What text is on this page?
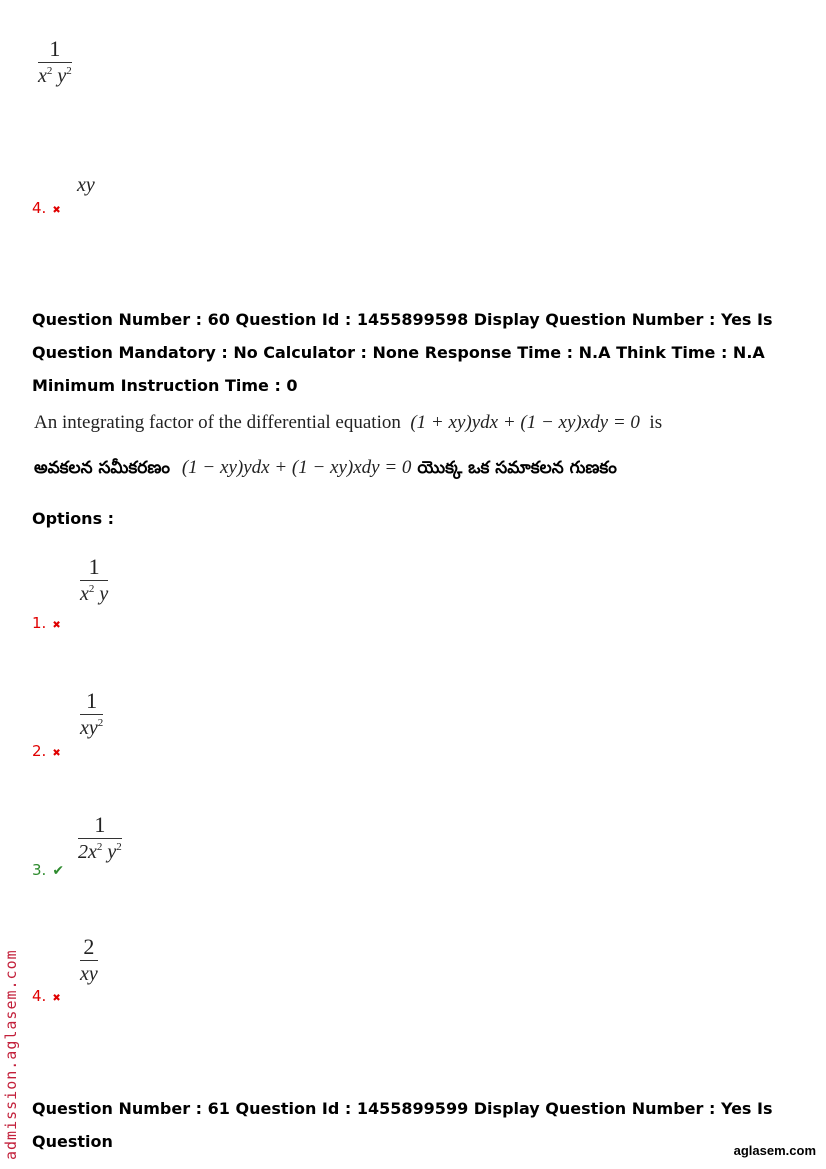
$\frac{1}{x^2 y^2}$
4. ✖
xy
Question Number : 60 Question Id : 1455899598 Display Question Number : Yes Is Question Mandatory : No Calculator : None Response Time : N.A Think Time : N.A Minimum Instruction Time : 0
An integrating factor of the differential equation (1 + xy)ydx + (1 − xy)xdy = 0 is
అవకలన సమీకరణం (1 − xy)ydx + (1 − xy)xdy = 0 యొక్క ఒక సమాకలన గుణకం
Options :
$\frac{1}{x^2 y}$
1. ✖
$\frac{1}{xy^2}$
2. ✖
$\frac{1}{2x^2 y^2}$
3. ✔
$\frac{2}{xy}$
4. ✖
Question Number : 61 Question Id : 1455899599 Display Question Number : Yes Is Question
admission.aglasem.com	aglasem.com
